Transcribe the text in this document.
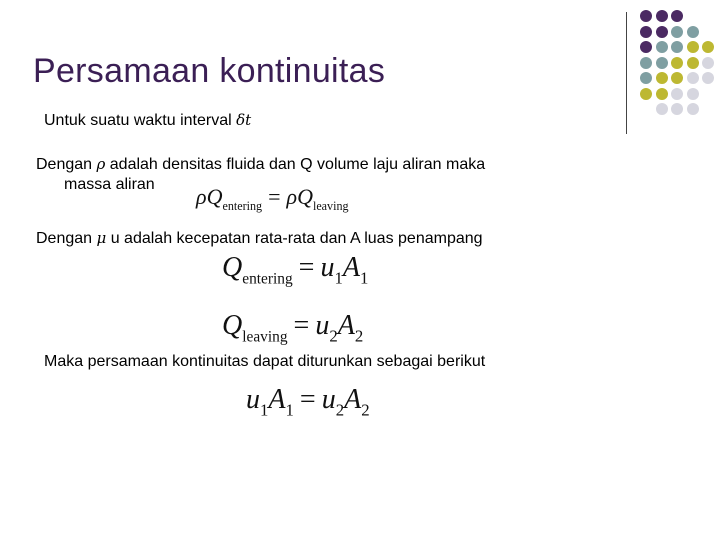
Persamaan kontinuitas
Untuk suatu waktu interval δt
Dengan ρ adalah densitas fluida dan Q volume laju aliran maka
massa aliran $\rho Q_{entering} = \rho Q_{leaving}$
Dengan μ u adalah kecepatan rata-rata dan A luas penampang
$Q_{entering} = u_1A_1$
$Q_{leaving} = u_2A_2$
Maka persamaan kontinuitas dapat diturunkan sebagai berikut
$u_1A_1 = u_2A_2$
